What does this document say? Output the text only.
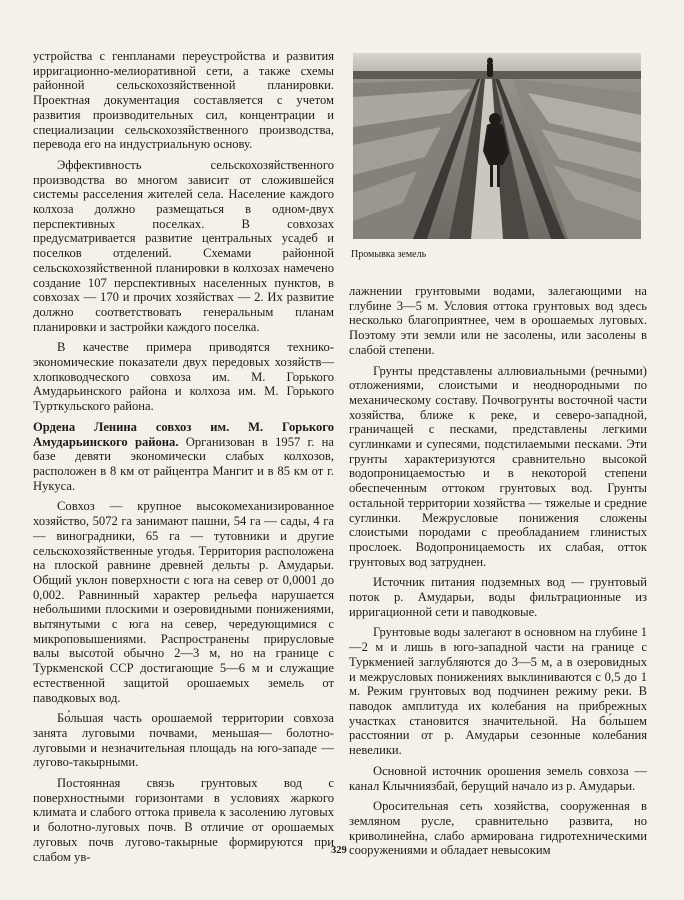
устройства с генпланами переустройства и развития ирригационно-мелиоративной сети, а также схемы районной сельскохозяйственной планировки. Проектная документация составляется с учетом развития производительных сил, концентрации и специализации сельскохозяйственного производства, перевода его на индустриальную основу.

Эффективность сельскохозяйственного производства во многом зависит от сложившейся системы расселения жителей села. Население каждого колхоза должно размещаться в одном-двух перспективных поселках. В совхозах предусматривается развитие центральных усадеб и поселков отделений. Схемами районной сельскохозяйственной планировки в колхозах намечено создание 107 перспективных населенных пунктов, в совхозах — 170 и прочих хозяйствах — 2. Их развитие должно соответствовать генеральным планам планировки и застройки каждого поселка.

В качестве примера приводятся технико-экономические показатели двух передовых хозяйств—хлопководческого совхоза им. М. Горького Амударьинского района и колхоза им. М. Горького Турткульского района.

Ордена Ленина совхоз им. М. Горького Амударьинского района. Организован в 1957 г. на базе девяти экономически слабых колхозов, расположен в 8 км от райцентра Мангит и в 85 км от г. Нукуса.

Совхоз — крупное высокомеханизированное хозяйство, 5072 га занимают пашни, 54 га — сады, 4 га — виноградники, 65 га — тутовники и другие сельскохозяйственные угодья. Территория расположена на плоской равнине древней дельты р. Амударьи. Общий уклон поверхности с юга на север от 0,0001 до 0,002. Равнинный характер рельефа нарушается небольшими плоскими и озеровидными понижениями, вытянутыми с юга на север, чередующимися с микроповышениями. Распространены прирусловые валы высотой обычно 2—3 м, но на границе с Туркменской ССР достигающие 5—6 м и служащие естественной защитой орошаемых земель от паводковых вод.

Бо́льшая часть орошаемой территории совхоза занята луговыми почвами, меньшая— болотно-луговыми и незначительная площадь на юго-западе — лугово-такырными.

Постоянная связь грунтовых вод с поверхностными горизонтами в условиях жаркого климата и слабого оттока привела к засолению луговых и болотно-луговых почв. В отличие от орошаемых луговых почв лугово-такырные формируются при слабом ув-

Промывка земель

лажнении грунтовыми водами, залегающими на глубине 3—5 м. Условия оттока грунтовых вод здесь несколько благоприятнее, чем в орошаемых луговых. Поэтому эти земли или не засолены, или засолены в слабой степени.

Грунты представлены аллювиальными (речными) отложениями, слоистыми и неоднородными по механическому составу. Почвогрунты восточной части хозяйства, ближе к реке, и северо-западной, граничащей с песками, представлены легкими суглинками и супесями, подстилаемыми песками. Эти грунты характеризуются сравнительно высокой водопроницаемостью и в некоторой степени обеспеченным оттоком грунтовых вод. Грунты остальной территории хозяйства — тяжелые и средние суглинки. Межрусловые понижения сложены слоистыми породами с преобладанием глинистых прослоек. Водопроницаемость их слабая, отток грунтовых вод затруднен.

Источник питания подземных вод — грунтовый поток р. Амударьи, воды фильтрационные из ирригационной сети и паводковые.

Грунтовые воды залегают в основном на глубине 1—2 м и лишь в юго-западной части на границе с Туркменией заглубляются до 3—5 м, а в озеровидных и межрусловых понижениях выклиниваются с 0,5 до 1 м. Режим грунтовых вод подчинен режиму реки. В паводок амплитуда их колебания на прибрежных участках становится значительной. На бо́льшем расстоянии от р. Амударьи сезонные колебания невелики.

Основной источник орошения земель совхоза — канал Клычниязбай, берущий начало из р. Амударьи.

Оросительная сеть хозяйства, сооруженная в земляном русле, сравнительно развита, но криволинейна, слабо армирована гидротехническими сооружениями и обладает невысоким

329
